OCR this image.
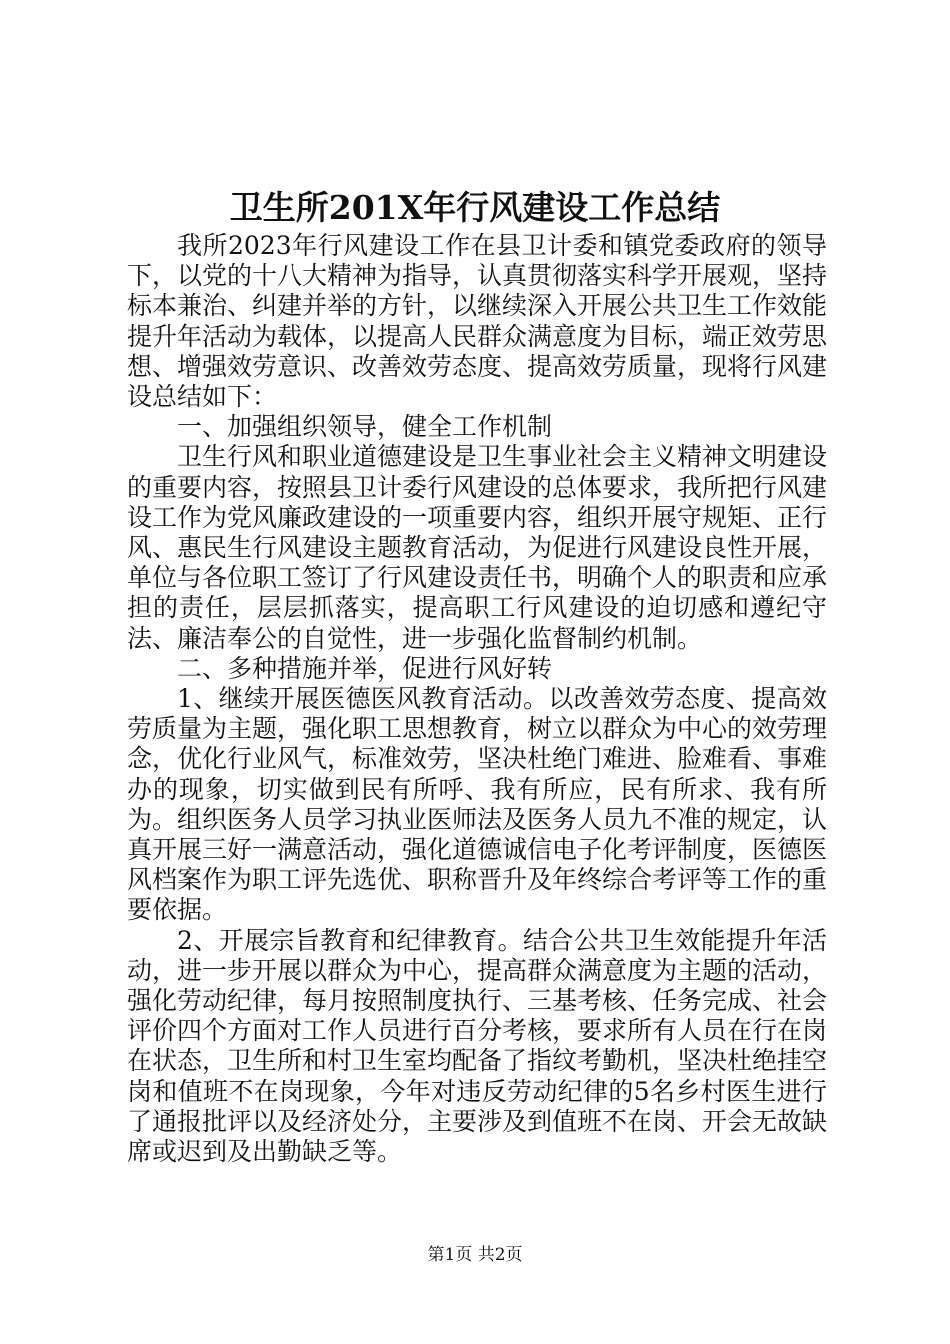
卫生所201X年行风建设工作总结

我所2023年行风建设工作在县卫计委和镇党委政府的领导下，以党的十八大精神为指导，认真贯彻落实科学开展观，坚持标本兼治、纠建并举的方针，以继续深入开展公共卫生工作效能提升年活动为载体，以提高人民群众满意度为目标，端正效劳思想、增强效劳意识、改善效劳态度、提高效劳质量，现将行风建设总结如下：

一、加强组织领导，健全工作机制

卫生行风和职业道德建设是卫生事业社会主义精神文明建设的重要内容，按照县卫计委行风建设的总体要求，我所把行风建设工作为党风廉政建设的一项重要内容，组织开展守规矩、正行风、惠民生行风建设主题教育活动，为促进行风建设良性开展，单位与各位职工签订了行风建设责任书，明确个人的职责和应承担的责任，层层抓落实，提高职工行风建设的迫切感和遵纪守法、廉洁奉公的自觉性，进一步强化监督制约机制。

二、多种措施并举，促进行风好转

1、继续开展医德医风教育活动。以改善效劳态度、提高效劳质量为主题，强化职工思想教育，树立以群众为中心的效劳理念，优化行业风气，标准效劳，坚决杜绝门难进、脸难看、事难办的现象，切实做到民有所呼、我有所应，民有所求、我有所为。组织医务人员学习执业医师法及医务人员九不准的规定，认真开展三好一满意活动，强化道德诚信电子化考评制度，医德医风档案作为职工评先选优、职称晋升及年终综合考评等工作的重要依据。

2、开展宗旨教育和纪律教育。结合公共卫生效能提升年活动，进一步开展以群众为中心，提高群众满意度为主题的活动，强化劳动纪律，每月按照制度执行、三基考核、任务完成、社会评价四个方面对工作人员进行百分考核，要求所有人员在行在岗在状态，卫生所和村卫生室均配备了指纹考勤机，坚决杜绝挂空岗和值班不在岗现象，今年对违反劳动纪律的5名乡村医生进行了通报批评以及经济处分，主要涉及到值班不在岗、开会无故缺席或迟到及出勤缺乏等。

第1页 共2页
